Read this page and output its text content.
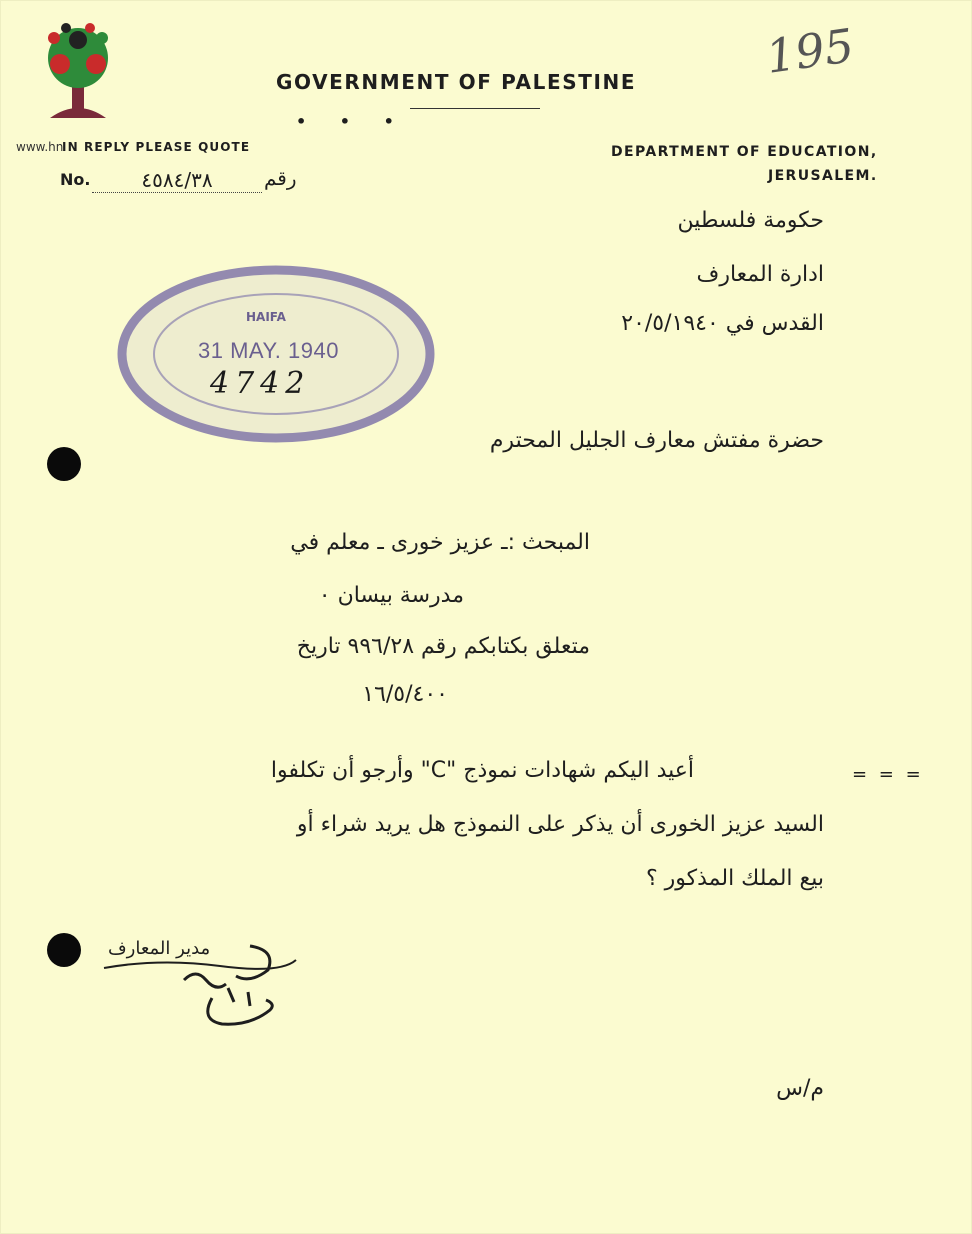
GOVERNMENT OF PALESTINE
• • •
www.hn
IN REPLY PLEASE QUOTE
No.	٤٥٨٤/٣٨	رقم
DEPARTMENT OF EDUCATION,
JERUSALEM.
195
حكومة فلسطين
ادارة المعارف
القدس في ٢٠/٥/١٩٤٠
HAIFA
31 MAY. 1940
4742
حضرة مفتش معارف الجليل المحترم
المبحث :ـ عزيز خورى ـ معلم في
مدرسة بيسان ٠
متعلق بكتابكم رقم ٩٩٦/٢٨ تاريخ
١٦/٥/٤٠٠
= = =
أعيد اليكم شهادات نموذج "C" وأرجو أن تكلفوا
السيد عزيز الخورى أن يذكر على النموذج هل يريد شراء أو
بيع الملك المذكور ؟
مدير المعارف
م/س
